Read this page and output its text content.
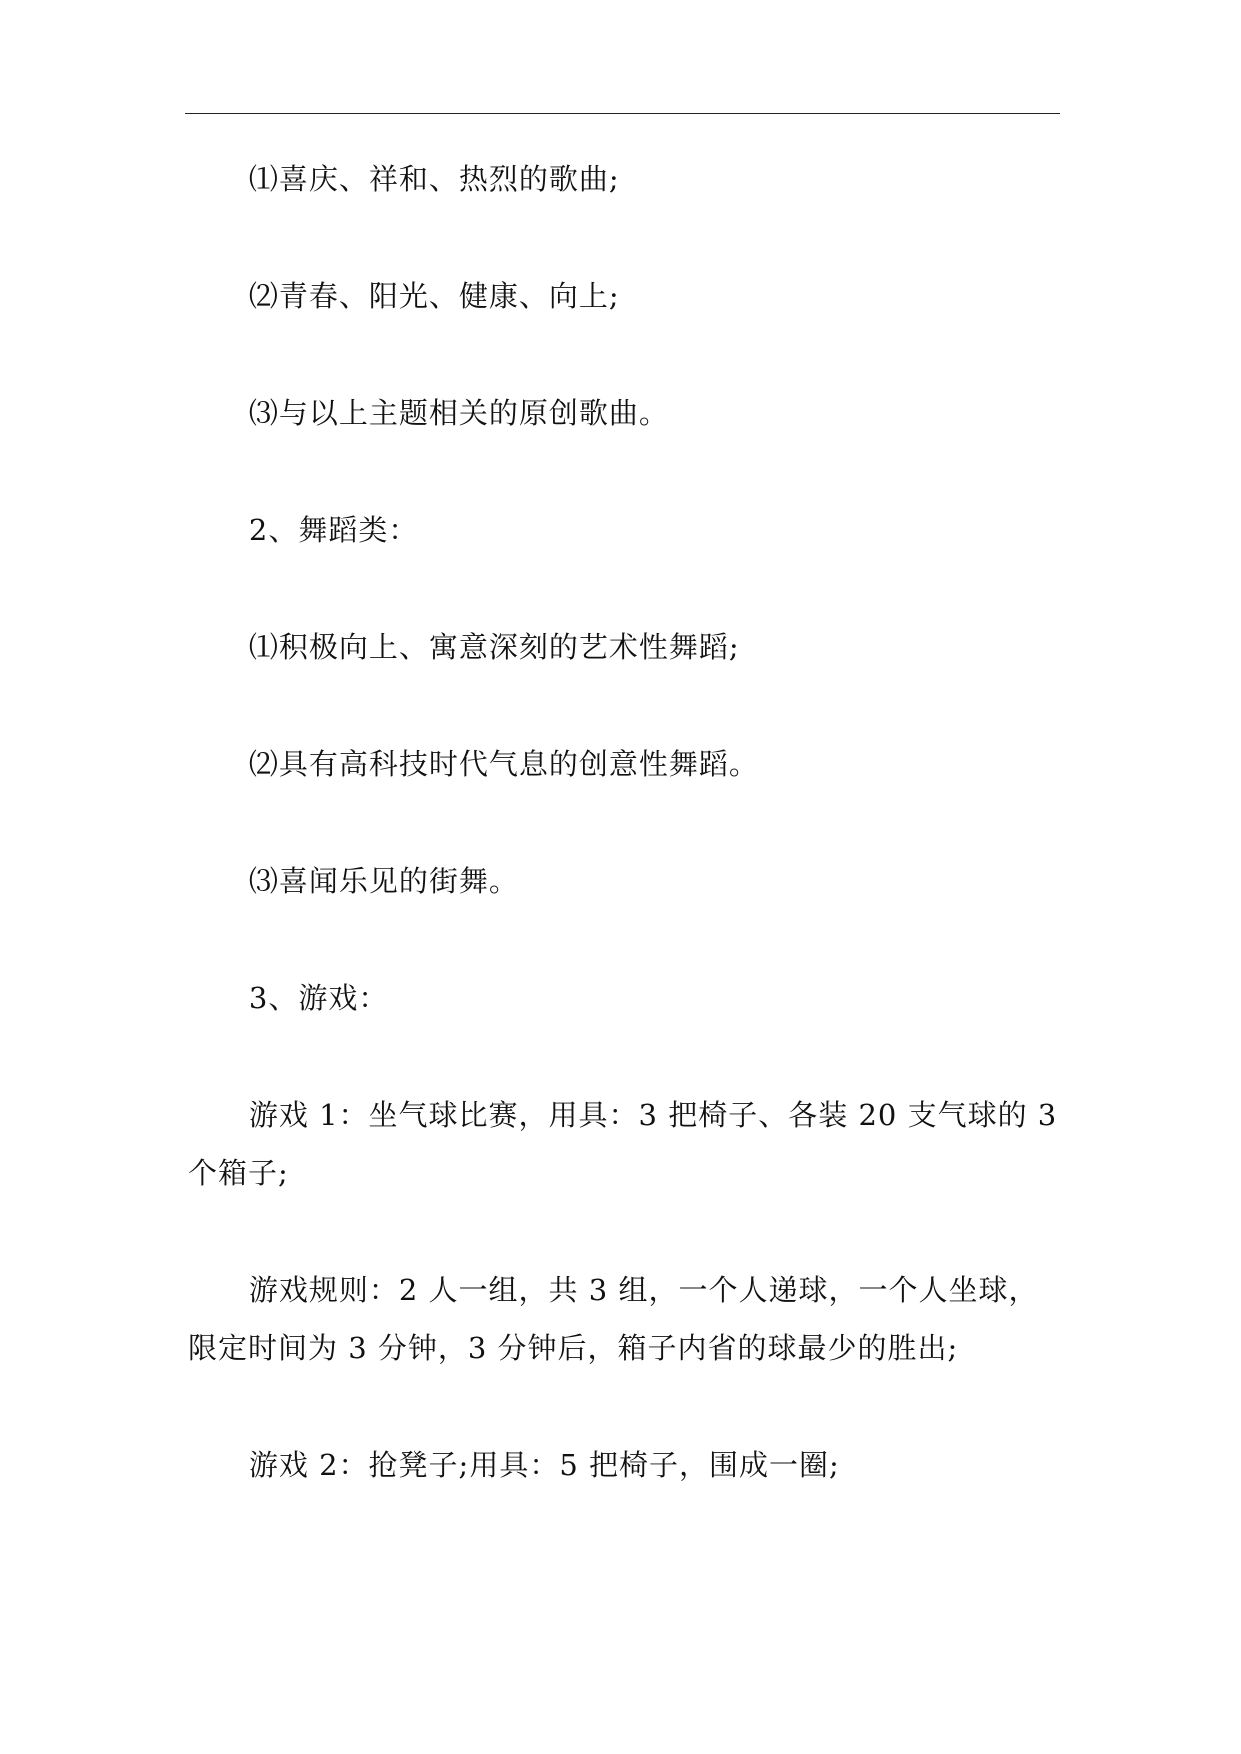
⑴喜庆、祥和、热烈的歌曲;

⑵青春、阳光、健康、向上;

⑶与以上主题相关的原创歌曲。

2、舞蹈类：

⑴积极向上、寓意深刻的艺术性舞蹈;

⑵具有高科技时代气息的创意性舞蹈。

⑶喜闻乐见的街舞。

3、游戏：

游戏 1：坐气球比赛，用具：3 把椅子、各装 20 支气球的 3 个箱子;

游戏规则：2 人一组，共 3 组，一个人递球，一个人坐球，限定时间为 3 分钟，3 分钟后，箱子内省的球最少的胜出;

游戏 2：抢凳子;用具：5 把椅子，围成一圈;
